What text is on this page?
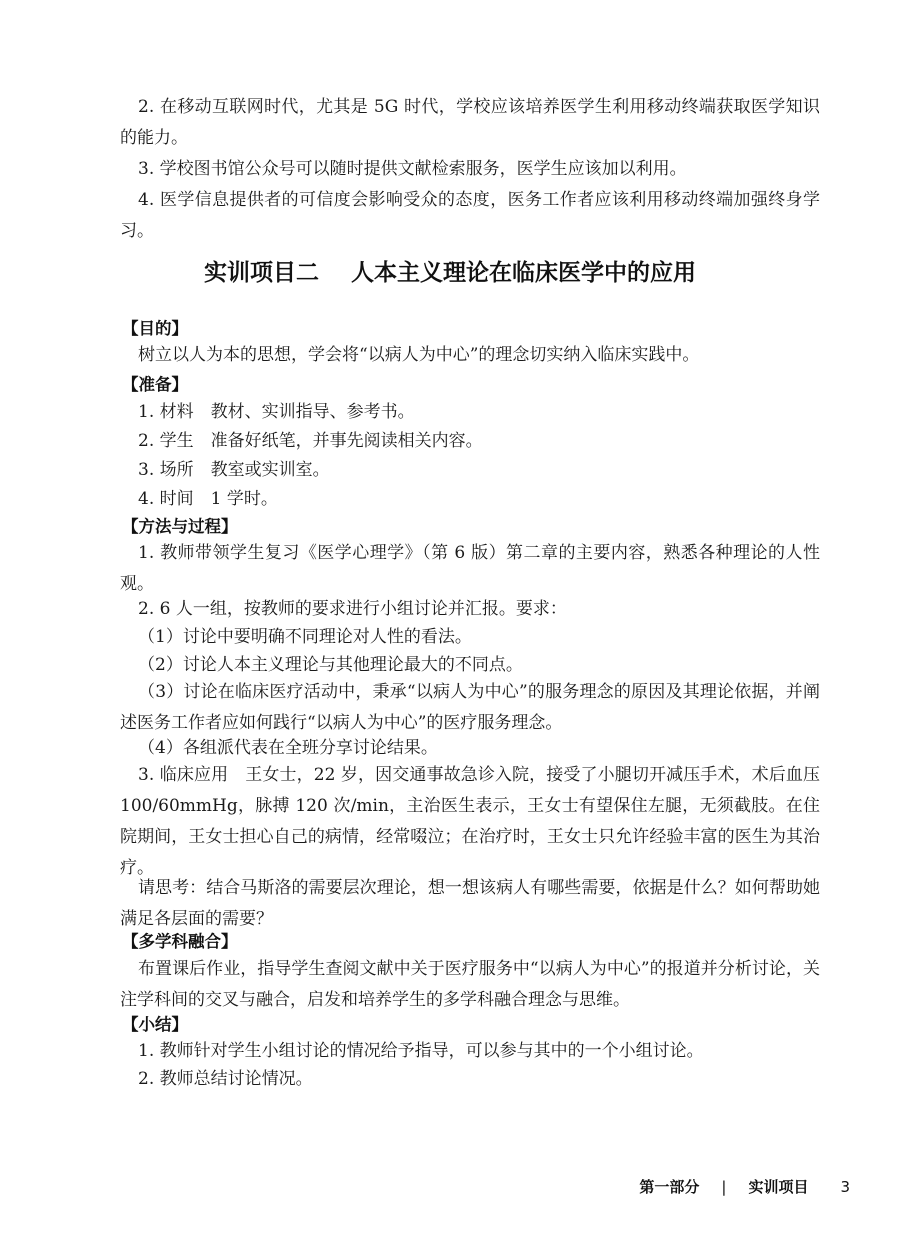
2. 在移动互联网时代，尤其是 5G 时代，学校应该培养医学生利用移动终端获取医学知识的能力。

3. 学校图书馆公众号可以随时提供文献检索服务，医学生应该加以利用。

4. 医学信息提供者的可信度会影响受众的态度，医务工作者应该利用移动终端加强终身学习。

实训项目二 人本主义理论在临床医学中的应用
【目的】

树立以人为本的思想，学会将“以病人为中心”的理念切实纳入临床实践中。

【准备】

1. 材料　教材、实训指导、参考书。

2. 学生　准备好纸笔，并事先阅读相关内容。

3. 场所　教室或实训室。

4. 时间　1 学时。

【方法与过程】

1. 教师带领学生复习《医学心理学》（第 6 版）第二章的主要内容，熟悉各种理论的人性观。

2. 6 人一组，按教师的要求进行小组讨论并汇报。要求：

（1）讨论中要明确不同理论对人性的看法。

（2）讨论人本主义理论与其他理论最大的不同点。

（3）讨论在临床医疗活动中，秉承“以病人为中心”的服务理念的原因及其理论依据，并阐述医务工作者应如何践行“以病人为中心”的医疗服务理念。

（4）各组派代表在全班分享讨论结果。

3. 临床应用　王女士，22 岁，因交通事故急诊入院，接受了小腿切开减压手术，术后血压 100/60mmHg，脉搏 120 次/min，主治医生表示，王女士有望保住左腿，无须截肢。在住院期间，王女士担心自己的病情，经常啜泣；在治疗时，王女士只允许经验丰富的医生为其治疗。

请思考：结合马斯洛的需要层次理论，想一想该病人有哪些需要，依据是什么？如何帮助她满足各层面的需要？

【多学科融合】

布置课后作业，指导学生查阅文献中关于医疗服务中“以病人为中心”的报道并分析讨论，关注学科间的交叉与融合，启发和培养学生的多学科融合理念与思维。

【小结】

1. 教师针对学生小组讨论的情况给予指导，可以参与其中的一个小组讨论。

2. 教师总结讨论情况。

第一部分 | 实训项目 3
